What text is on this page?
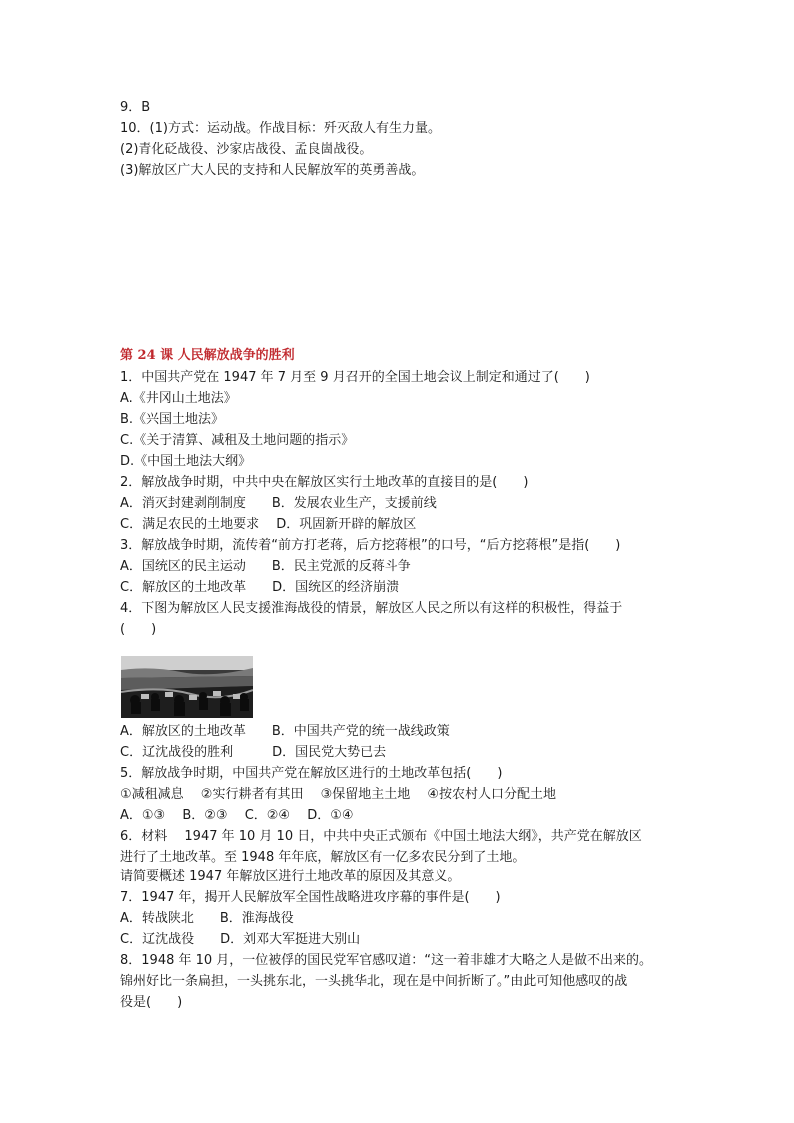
9．B

10．(1)方式：运动战。作战目标：歼灭敌人有生力量。

(2)青化砭战役、沙家店战役、孟良崮战役。

(3)解放区广大人民的支持和人民解放军的英勇善战。

第 24 课 人民解放战争的胜利

1．中国共产党在 1947 年 7 月至 9 月召开的全国土地会议上制定和通过了(　　)

A.《井冈山土地法》

B.《兴国土地法》

C.《关于清算、减租及土地问题的指示》

D.《中国土地法大纲》

2．解放战争时期，中共中央在解放区实行土地改革的直接目的是(　　)

A．消灭封建剥削制度　　B．发展农业生产，支援前线

C．满足农民的土地要求　 D．巩固新开辟的解放区

3．解放战争时期，流传着“前方打老蒋，后方挖蒋根”的口号，“后方挖蒋根”是指(　　)

A．国统区的民主运动　　B．民主党派的反蒋斗争

C．解放区的土地改革　　D．国统区的经济崩溃

4．下图为解放区人民支援淮海战役的情景，解放区人民之所以有这样的积极性，得益于

(　　)

A．解放区的土地改革　　B．中国共产党的统一战线政策

C．辽沈战役的胜利　　　D．国民党大势已去

5．解放战争时期，中国共产党在解放区进行的土地改革包括(　　)

①减租减息　 ②实行耕者有其田　 ③保留地主土地　 ④按农村人口分配土地

A．①③　 B．②③　 C．②④　 D．①④

6．材料　 1947 年 10 月 10 日，中共中央正式颁布《中国土地法大纲》，共产党在解放区

进行了土地改革。至 1948 年年底，解放区有一亿多农民分到了土地。

请简要概述 1947 年解放区进行土地改革的原因及其意义。

7．1947 年，揭开人民解放军全国性战略进攻序幕的事件是(　　)

A．转战陕北　　B．淮海战役

C．辽沈战役　　D．刘邓大军挺进大别山

8．1948 年 10 月，一位被俘的国民党军官感叹道：“这一着非雄才大略之人是做不出来的。

锦州好比一条扁担，一头挑东北，一头挑华北，现在是中间折断了。”由此可知他感叹的战

役是(　　)
